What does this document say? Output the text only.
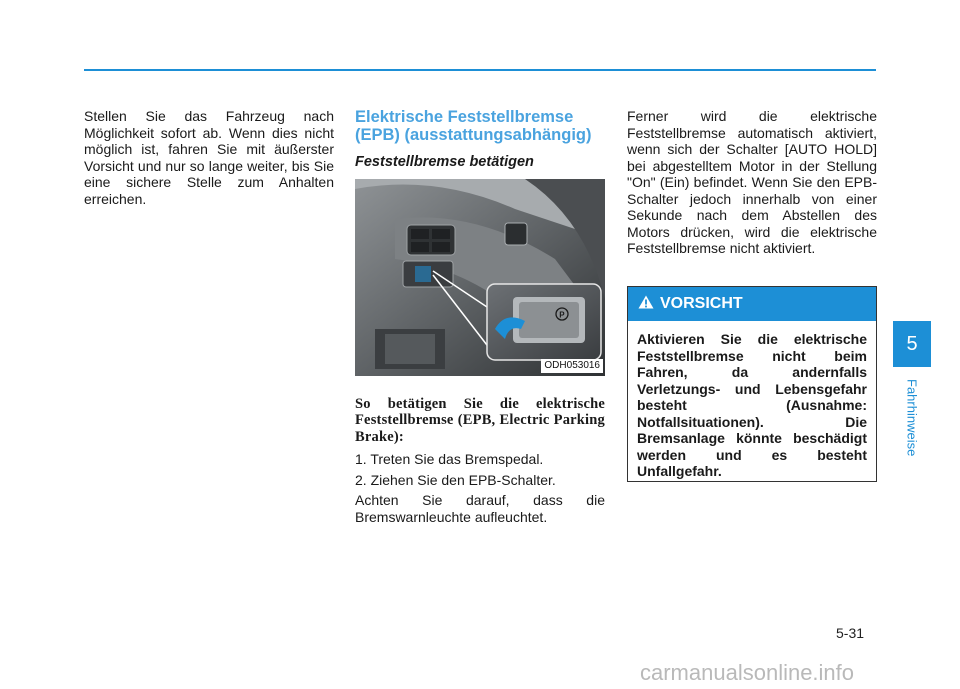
Stellen Sie das Fahrzeug nach Möglichkeit sofort ab. Wenn dies nicht möglich ist, fahren Sie mit äußerster Vorsicht und nur so lange weiter, bis Sie eine sichere Stelle zum Anhalten erreichen.

Elektrische Feststellbremse (EPB) (ausstattungsabhängig)
Feststellbremse betätigen
P
ODH053016

So betätigen Sie die elektrische Feststellbremse (EPB, Electric Parking Brake):

1. Treten Sie das Bremspedal.

2. Ziehen Sie den EPB-Schalter.

Achten Sie darauf, dass die Bremswarnleuchte aufleuchtet.

Ferner wird die elektrische Feststellbremse automatisch aktiviert, wenn sich der Schalter [AUTO HOLD] bei abgestelltem Motor in der Stellung "On" (Ein) befindet. Wenn Sie den EPB-Schalter jedoch innerhalb von einer Sekunde nach dem Abstellen des Motors drücken, wird die elektrische Feststellbremse nicht aktiviert.

VORSICHT
Aktivieren Sie die elektrische Feststellbremse nicht beim Fahren, da andernfalls Verletzungs- und Lebensgefahr besteht (Ausnahme: Notfallsituationen). Die Bremsanlage könnte beschädigt werden und es besteht Unfallgefahr.
5
Fahrhinweise
5-31
carmanualsonline.info
